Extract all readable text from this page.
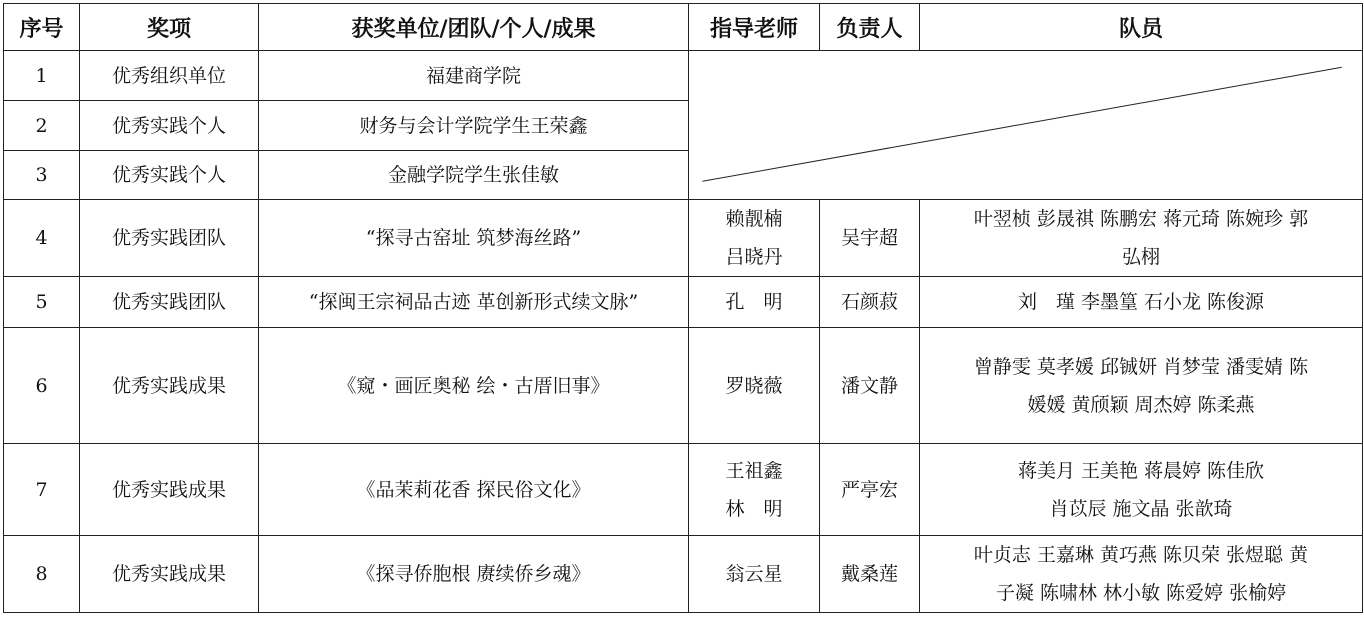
序号	奖项	获奖单位/团队/个人/成果	指导老师	负责人	队员
1	优秀组织单位	福建商学院	

2	优秀实践个人	财务与会计学院学生王荣鑫			
3	优秀实践个人	金融学院学生张佳敏			
4	优秀实践团队	“探寻古窑址 筑梦海丝路”	赖靓楠
吕晓丹	吴宇超	叶翌桢 彭晟祺 陈鹏宏 蒋元琦 陈婉珍 郭
弘栩

5	优秀实践团队	“探闽王宗祠品古迹 革创新形式续文脉”	孔　明	石颜菽	刘　瑾 李墨篁 石小龙 陈俊源

6	优秀实践成果	《窥・画匠奥秘 绘・古厝旧事》	罗晓薇	潘文静	曾静雯 莫孝媛 邱铖妍 肖梦莹 潘雯婧 陈
媛媛 黄颀颖 周杰婷 陈柔燕

7	优秀实践成果	《品茉莉花香 探民俗文化》	王祖鑫
林　明	严亭宏	蒋美月 王美艳 蒋晨婷 陈佳欣
肖苡辰 施文晶 张歆琦

8	优秀实践成果	《探寻侨胞根 赓续侨乡魂》	翁云星	戴桑莲	叶贞志 王嘉琳 黄巧燕 陈贝荣 张煜聪 黄
子凝 陈啸林 林小敏 陈爱婷 张榆婷
